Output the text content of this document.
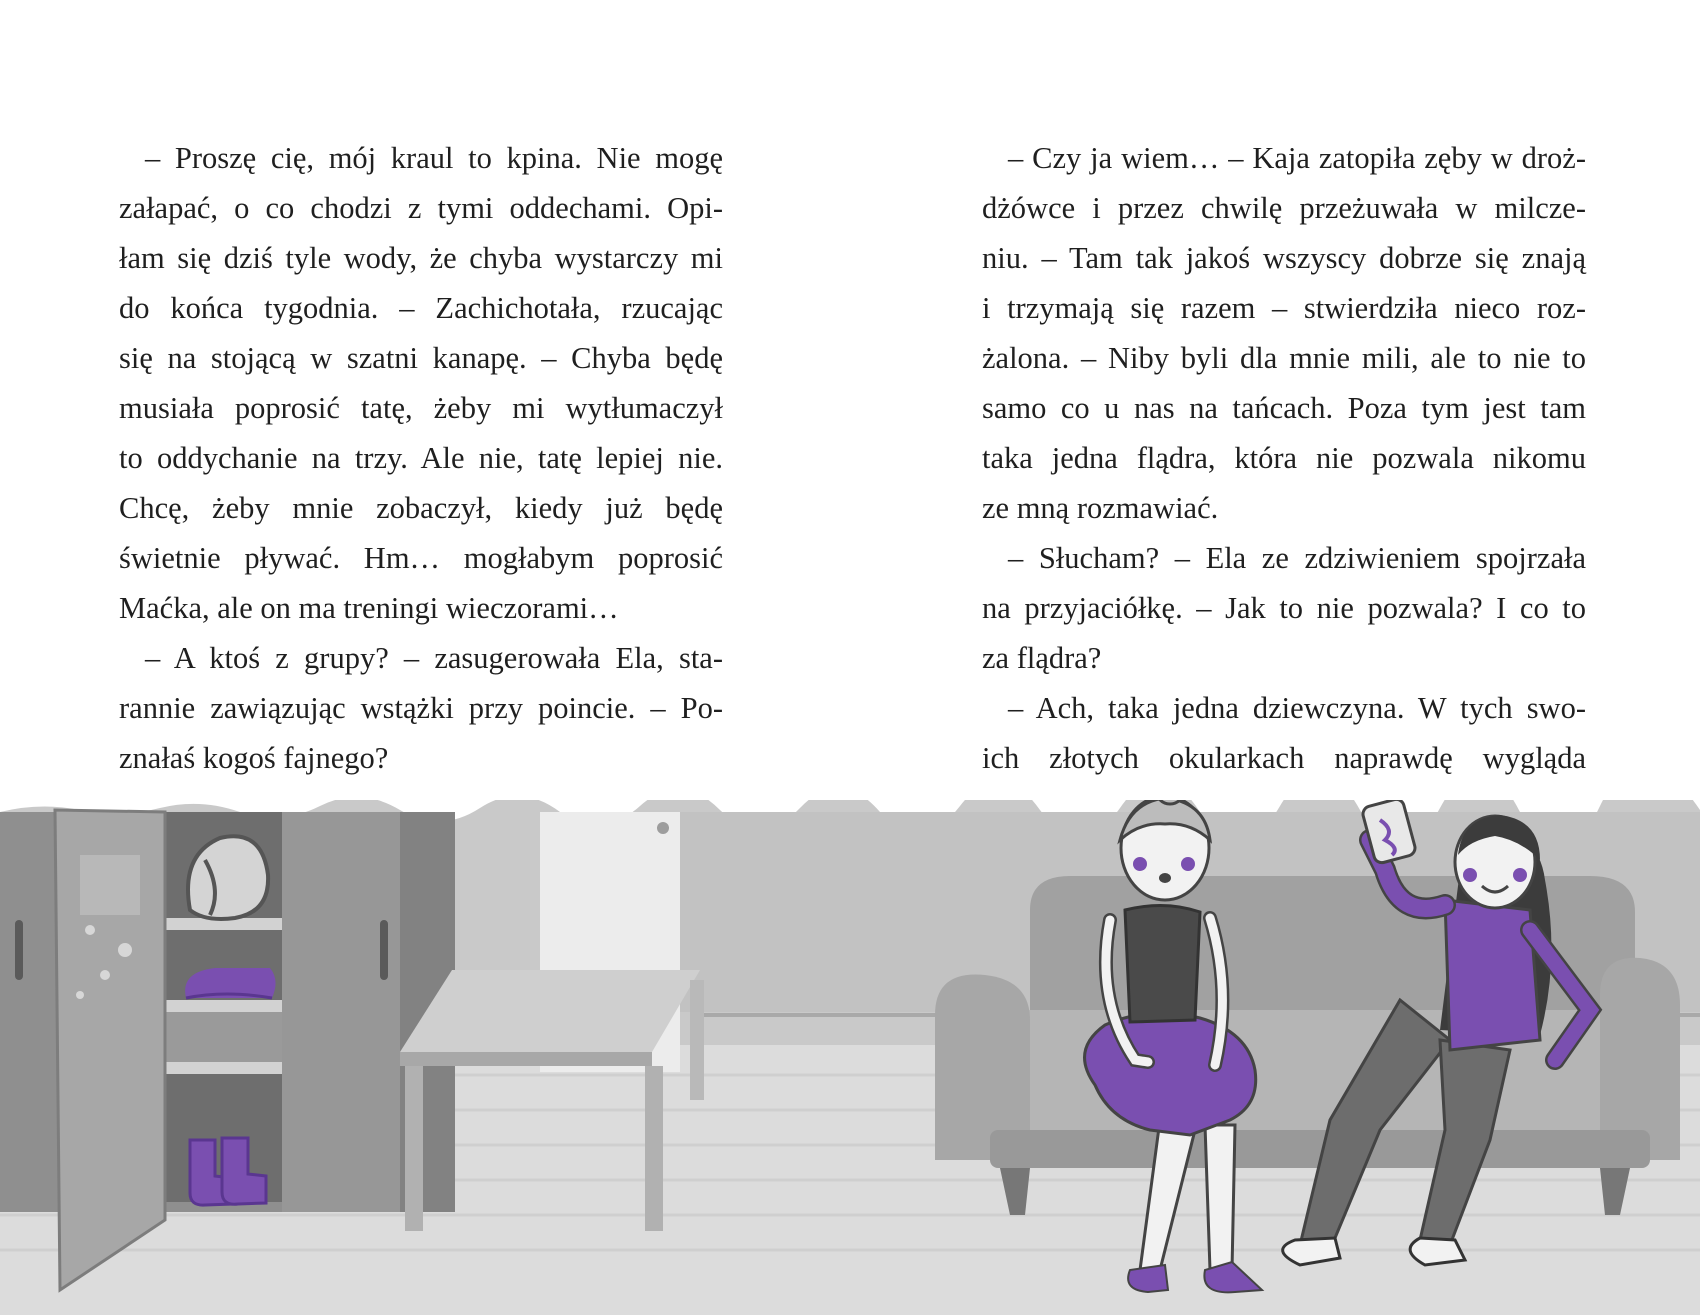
– Proszę cię, mój kraul to kpina. Nie mogę
załapać, o co chodzi z tymi oddechami. Opi-
łam się dziś tyle wody, że chyba wystarczy mi
do końca tygodnia. – Zachichotała, rzucając
się na stojącą w szatni kanapę. – Chyba będę
musiała poprosić tatę, żeby mi wytłumaczył
to oddychanie na trzy. Ale nie, tatę lepiej nie.
Chcę, żeby mnie zobaczył, kiedy już będę
świetnie pływać. Hm… mogłabym poprosić
Maćka, ale on ma treningi wieczorami…
– A ktoś z grupy? – zasugerowała Ela, sta-
rannie zawiązując wstążki przy poincie. – Po-
znałaś kogoś fajnego?
– Czy ja wiem… – Kaja zatopiła zęby w droż-
dżówce i przez chwilę przeżuwała w milcze-
niu. – Tam tak jakoś wszyscy dobrze się znają
i trzymają się razem – stwierdziła nieco roz-
żalona. – Niby byli dla mnie mili, ale to nie to
samo co u nas na tańcach. Poza tym jest tam
taka jedna flądra, która nie pozwala nikomu
ze mną rozmawiać.
– Słucham? – Ela ze zdziwieniem spojrzała
na przyjaciółkę. – Jak to nie pozwala? I co to
za flądra?
– Ach, taka jedna dziewczyna. W tych swo-
ich złotych okularkach naprawdę wygląda
